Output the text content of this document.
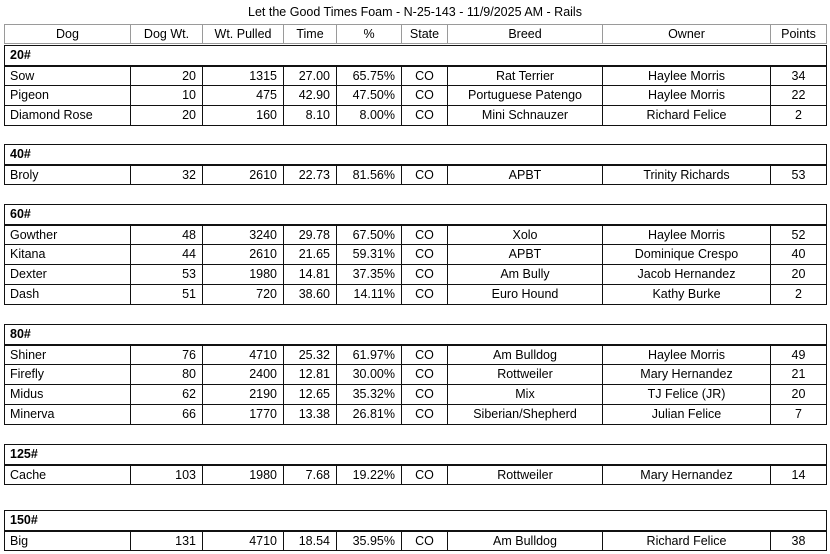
Let the Good Times Foam - N-25-143 - 11/9/2025 AM - Rails
Dog	Dog Wt.	Wt. Pulled	Time	%	State	Breed	Owner	Points
20#
Sow	20	1315	27.00	65.75%	CO	Rat Terrier	Haylee Morris	34
Pigeon	10	475	42.90	47.50%	CO	Portuguese Patengo	Haylee Morris	22
Diamond Rose	20	160	8.10	8.00%	CO	Mini Schnauzer	Richard Felice	2
40#
Broly	32	2610	22.73	81.56%	CO	APBT	Trinity Richards	53
60#
Gowther	48	3240	29.78	67.50%	CO	Xolo	Haylee Morris	52
Kitana	44	2610	21.65	59.31%	CO	APBT	Dominique Crespo	40
Dexter	53	1980	14.81	37.35%	CO	Am Bully	Jacob Hernandez	20
Dash	51	720	38.60	14.11%	CO	Euro Hound	Kathy Burke	2
80#
Shiner	76	4710	25.32	61.97%	CO	Am Bulldog	Haylee Morris	49
Firefly	80	2400	12.81	30.00%	CO	Rottweiler	Mary Hernandez	21
Midus	62	2190	12.65	35.32%	CO	Mix	TJ Felice (JR)	20
Minerva	66	1770	13.38	26.81%	CO	Siberian/Shepherd	Julian Felice	7
125#
Cache	103	1980	7.68	19.22%	CO	Rottweiler	Mary Hernandez	14
150#
Big	131	4710	18.54	35.95%	CO	Am Bulldog	Richard Felice	38
